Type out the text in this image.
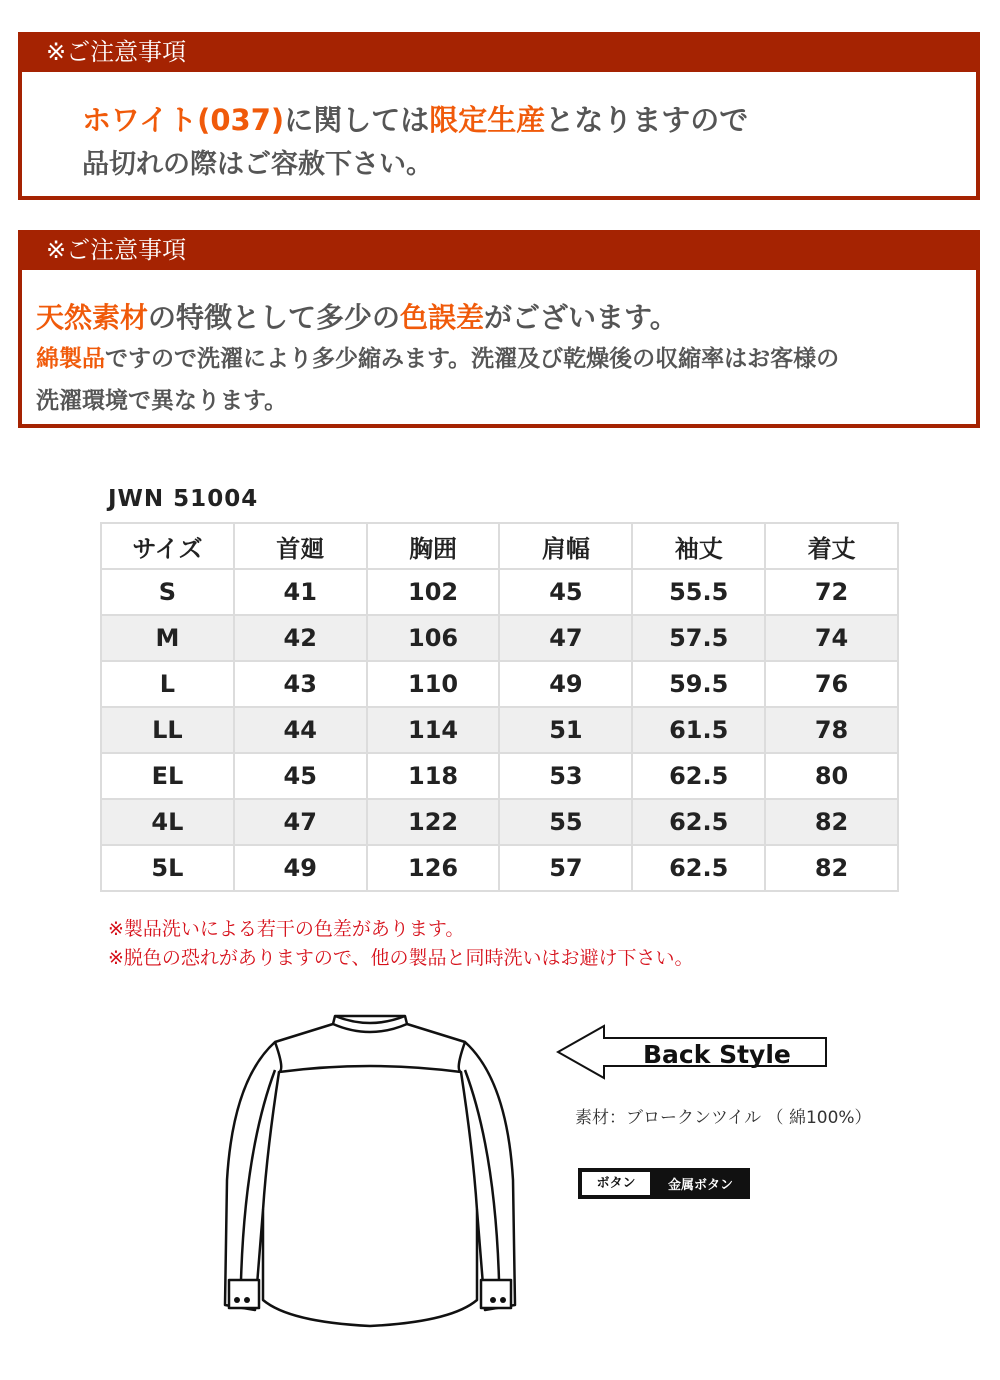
※ご注意事項
ホワイト(037)に関しては限定生産となりますので
品切れの際はご容赦下さい。
※ご注意事項
天然素材の特徴として多少の色誤差がございます。
綿製品ですので洗濯により多少縮みます。洗濯及び乾燥後の収縮率はお客様の
洗濯環境で異なります。
JWN 51004
サイズ	首廻	胸囲	肩幅	袖丈	着丈
S	41	102	45	55.5	72
M	42	106	47	57.5	74
L	43	110	49	59.5	76
LL	44	114	51	61.5	78
EL	45	118	53	62.5	80
4L	47	122	55	62.5	82
5L	49	126	57	62.5	82
※製品洗いによる若干の色差があります。
※脱色の恐れがありますので、他の製品と同時洗いはお避け下さい。
Back Style
素材：ブロークンツイル （ 綿100%）
ボタン	金属ボタン
